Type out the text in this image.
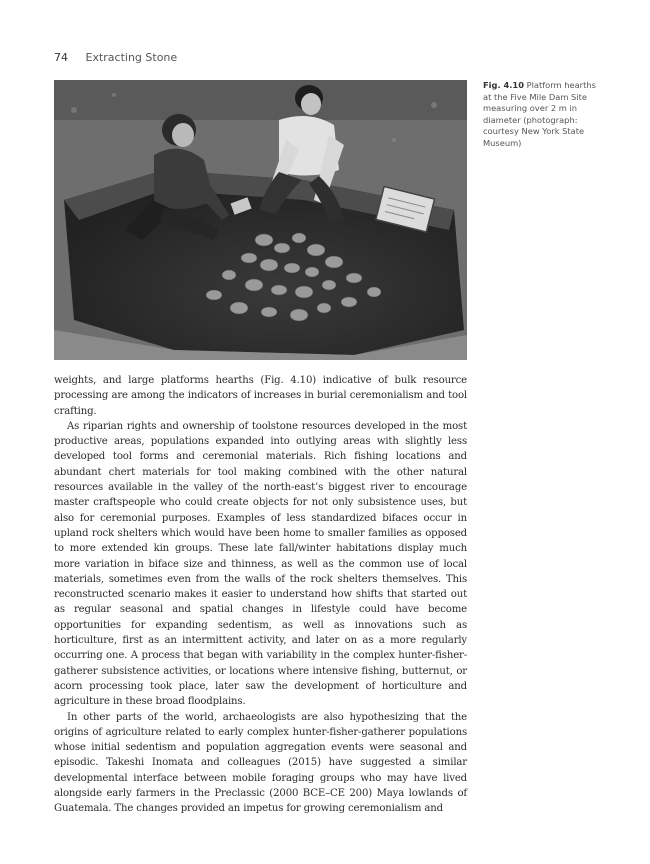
74 Extracting Stone
Fig. 4.10 Platform hearths at the Five Mile Dam Site measuring over 2 m in diameter (photograph: courtesy New York State Museum)

weights, and large platforms hearths (Fig. 4.10) indicative of bulk resource processing are among the indicators of increases in burial ceremonialism and tool crafting.

As riparian rights and ownership of toolstone resources developed in the most productive areas, populations expanded into outlying areas with slightly less developed tool forms and ceremonial materials. Rich fishing locations and abundant chert materials for tool making combined with the other natural resources available in the valley of the north-east’s biggest river to encourage master craftspeople who could create objects for not only subsistence uses, but also for ceremonial purposes. Examples of less standardized bifaces occur in upland rock shelters which would have been home to smaller families as opposed to more extended kin groups. These late fall/winter habitations display much more variation in biface size and thinness, as well as the common use of local materials, sometimes even from the walls of the rock shelters themselves. This reconstructed scenario makes it easier to understand how shifts that started out as regular seasonal and spatial changes in lifestyle could have become opportunities for expanding sedentism, as well as innovations such as horticulture, first as an intermittent activity, and later on as a more regularly occurring one. A process that began with variability in the complex hunter-fisher-gatherer subsistence activities, or locations where intensive fishing, butternut, or acorn processing took place, later saw the development of horticulture and agriculture in these broad floodplains.

In other parts of the world, archaeologists are also hypothesizing that the origins of agriculture related to early complex hunter-fisher-gatherer populations whose initial sedentism and population aggregation events were seasonal and episodic. Takeshi Inomata and colleagues (2015) have suggested a similar developmental interface between mobile foraging groups who may have lived alongside early farmers in the Preclassic (2000 BCE–CE 200) Maya lowlands of Guatemala. The changes provided an impetus for growing ceremonialism and
